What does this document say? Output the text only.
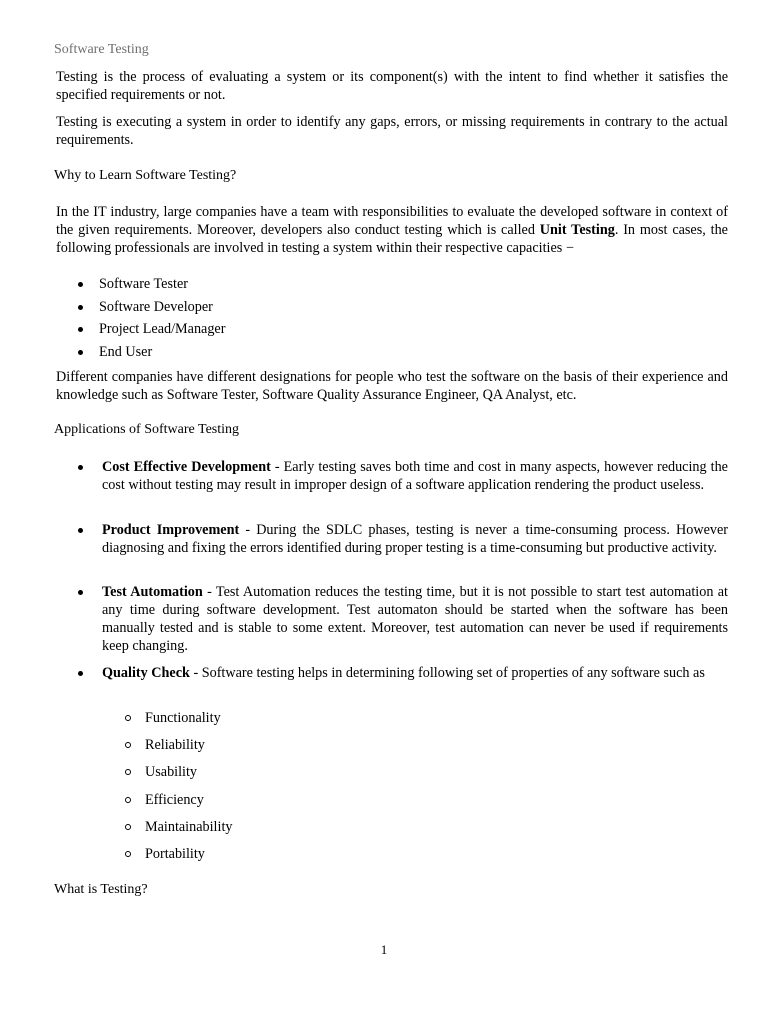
Software Testing

Testing is the process of evaluating a system or its component(s) with the intent to find whether it satisfies the specified requirements or not.

Testing is executing a system in order to identify any gaps, errors, or missing requirements in contrary to the actual requirements.

Why to Learn Software Testing?

In the IT industry, large companies have a team with responsibilities to evaluate the developed software in context of the given requirements. Moreover, developers also conduct testing which is called Unit Testing. In most cases, the following professionals are involved in testing a system within their respective capacities −

Software Tester
Software Developer
Project Lead/Manager
End User

Different companies have different designations for people who test the software on the basis of their experience and knowledge such as Software Tester, Software Quality Assurance Engineer, QA Analyst, etc.

Applications of Software Testing
Cost Effective Development - Early testing saves both time and cost in many aspects, however reducing the cost without testing may result in improper design of a software application rendering the product useless.
Product Improvement - During the SDLC phases, testing is never a time-consuming process. However diagnosing and fixing the errors identified during proper testing is a time-consuming but productive activity.
Test Automation - Test Automation reduces the testing time, but it is not possible to start test automation at any time during software development. Test automaton should be started when the software has been manually tested and is stable to some extent. Moreover, test automation can never be used if requirements keep changing.
Quality Check - Software testing helps in determining following set of properties of any software such as
Functionality
Reliability
Usability
Efficiency
Maintainability
Portability
What is Testing?
1
